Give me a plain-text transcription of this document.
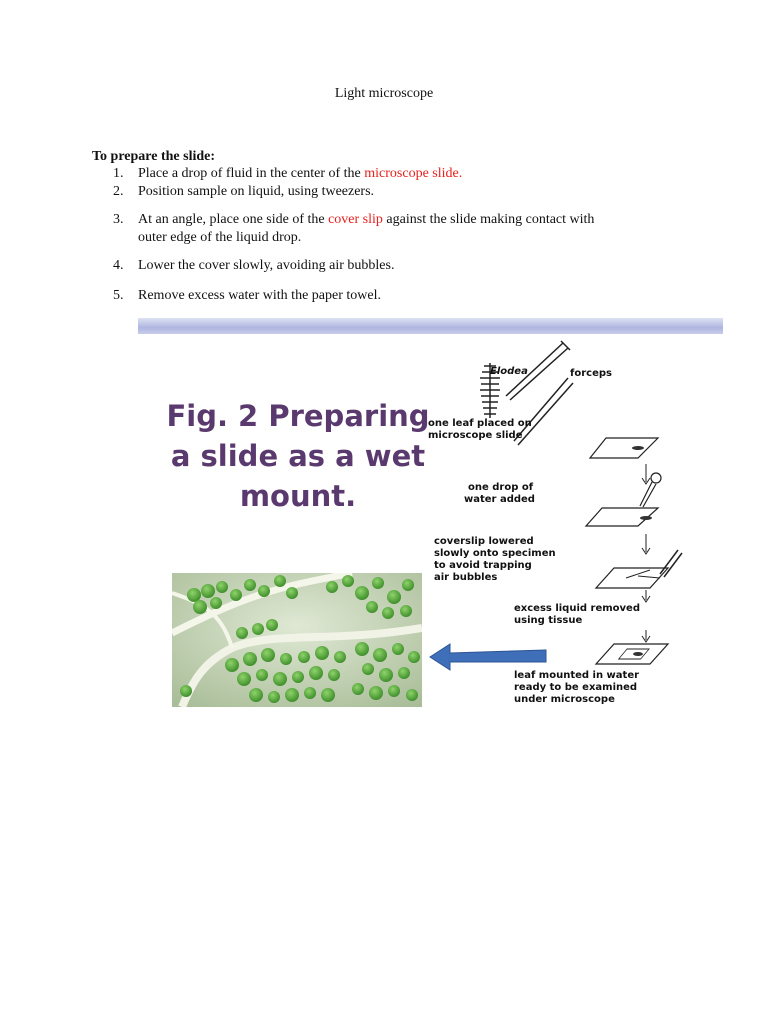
Light microscope
To prepare the slide:
1. Place a drop of fluid in the center of the microscope slide.
2. Position sample on liquid, using tweezers.
3. At an angle, place one side of the cover slip against the slide making contact with
outer edge of the liquid drop.
4. Lower the cover slowly, avoiding air bubbles.
5. Remove excess water with the paper towel.
Fig. 2 Preparing
a slide as a wet
mount.
Elodea	forceps
one leaf placed on
microscope slide
one drop of
water added
coverslip lowered
slowly onto specimen
to avoid trapping
air bubbles
excess liquid removed
using tissue
leaf mounted in water
ready to be examined
under microscope
